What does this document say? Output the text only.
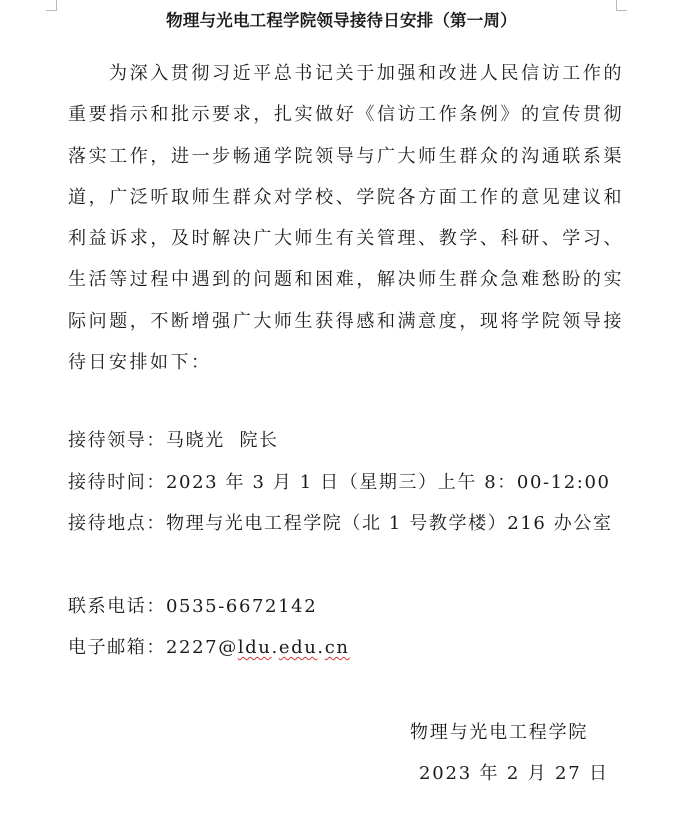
物理与光电工程学院领导接待日安排（第一周）
为深入贯彻习近平总书记关于加强和改进人民信访工作的重要指示和批示要求，扎实做好《信访工作条例》的宣传贯彻落实工作，进一步畅通学院领导与广大师生群众的沟通联系渠道，广泛听取师生群众对学校、学院各方面工作的意见建议和利益诉求，及时解决广大师生有关管理、教学、科研、学习、生活等过程中遇到的问题和困难，解决师生群众急难愁盼的实际问题，不断增强广大师生获得感和满意度，现将学院领导接待日安排如下：
接待领导：马晓光  院长
接待时间：2023 年 3 月 1 日（星期三）上午 8：00-12:00
接待地点：物理与光电工程学院（北 1 号教学楼）216 办公室
联系电话：0535-6672142
电子邮箱：2227@ldu.edu.cn
物理与光电工程学院
2023 年 2 月 27 日
